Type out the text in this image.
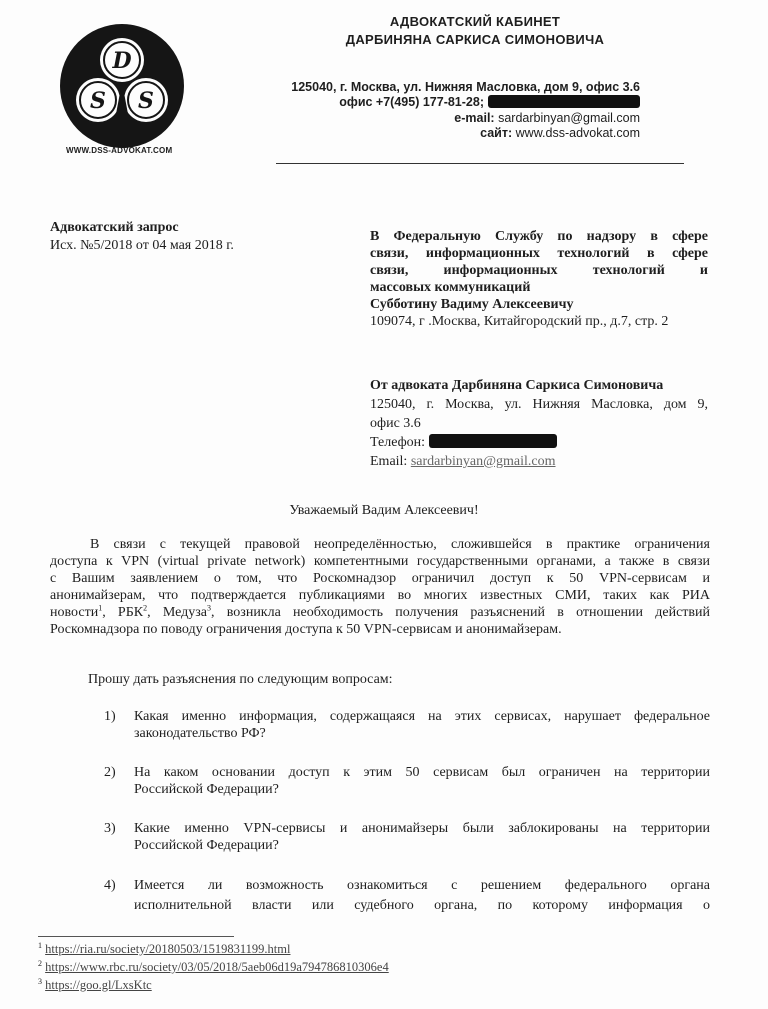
D
S S
WWW.DSS-ADVOKAT.COM
АДВОКАТСКИЙ КАБИНЕТ
ДАРБИНЯНА САРКИСА СИМОНОВИЧА
125040, г. Москва, ул. Нижняя Масловка, дом 9, офис 3.6
офис +7(495) 177-81-28;
e-mail: sardarbinyan@gmail.com
сайт: www.dss-advokat.com
Адвокатский запрос
Исх. №5/2018 от 04 мая 2018 г.
В Федеральную Службу по надзору в сфере
связи, информационных технологий в сфере
связи, информационных технологий и
массовых коммуникаций
Субботину Вадиму Алексеевичу
109074, г .Москва, Китайгородский пр., д.7, стр. 2
От адвоката Дарбиняна Саркиса Симоновича
125040, г. Москва, ул. Нижняя Масловка, дом 9,
офис 3.6
Телефон:
Email: sardarbinyan@gmail.com
Уважаемый Вадим Алексеевич!
В связи с текущей правовой неопределённостью, сложившейся в практике ограничения
доступа к VPN (virtual private network) компетентными государственными органами, а также в связи
с Вашим заявлением о том, что Роскомнадзор ограничил доступ к 50 VPN-сервисам и
анонимайзерам, что подтверждается публикациями во многих известных СМИ, таких как РИА
новости$^1$, РБК$^2$, Медуза$^3$, возникла необходимость получения разъяснений в отношении действий
Роскомнадзора по поводу ограничения доступа к 50 VPN-сервисам и анонимайзерам.
Прошу дать разъяснения по следующим вопросам:
1) Какая именно информация, содержащаяся на этих сервисах, нарушает федеральное
законодательство РФ?
2) На каком основании доступ к этим 50 сервисам был ограничен на территории
Российской Федерации?
3) Какие именно VPN-сервисы и анонимайзеры были заблокированы на территории
Российской Федерации?
4) Имеется ли возможность ознакомиться с решением федерального органа
исполнительной власти или судебного органа, по которому информация о
$^1$ https://ria.ru/society/20180503/1519831199.html
$^2$ https://www.rbc.ru/society/03/05/2018/5aeb06d19a794786810306e4
$^3$ https://goo.gl/LxsKtc
